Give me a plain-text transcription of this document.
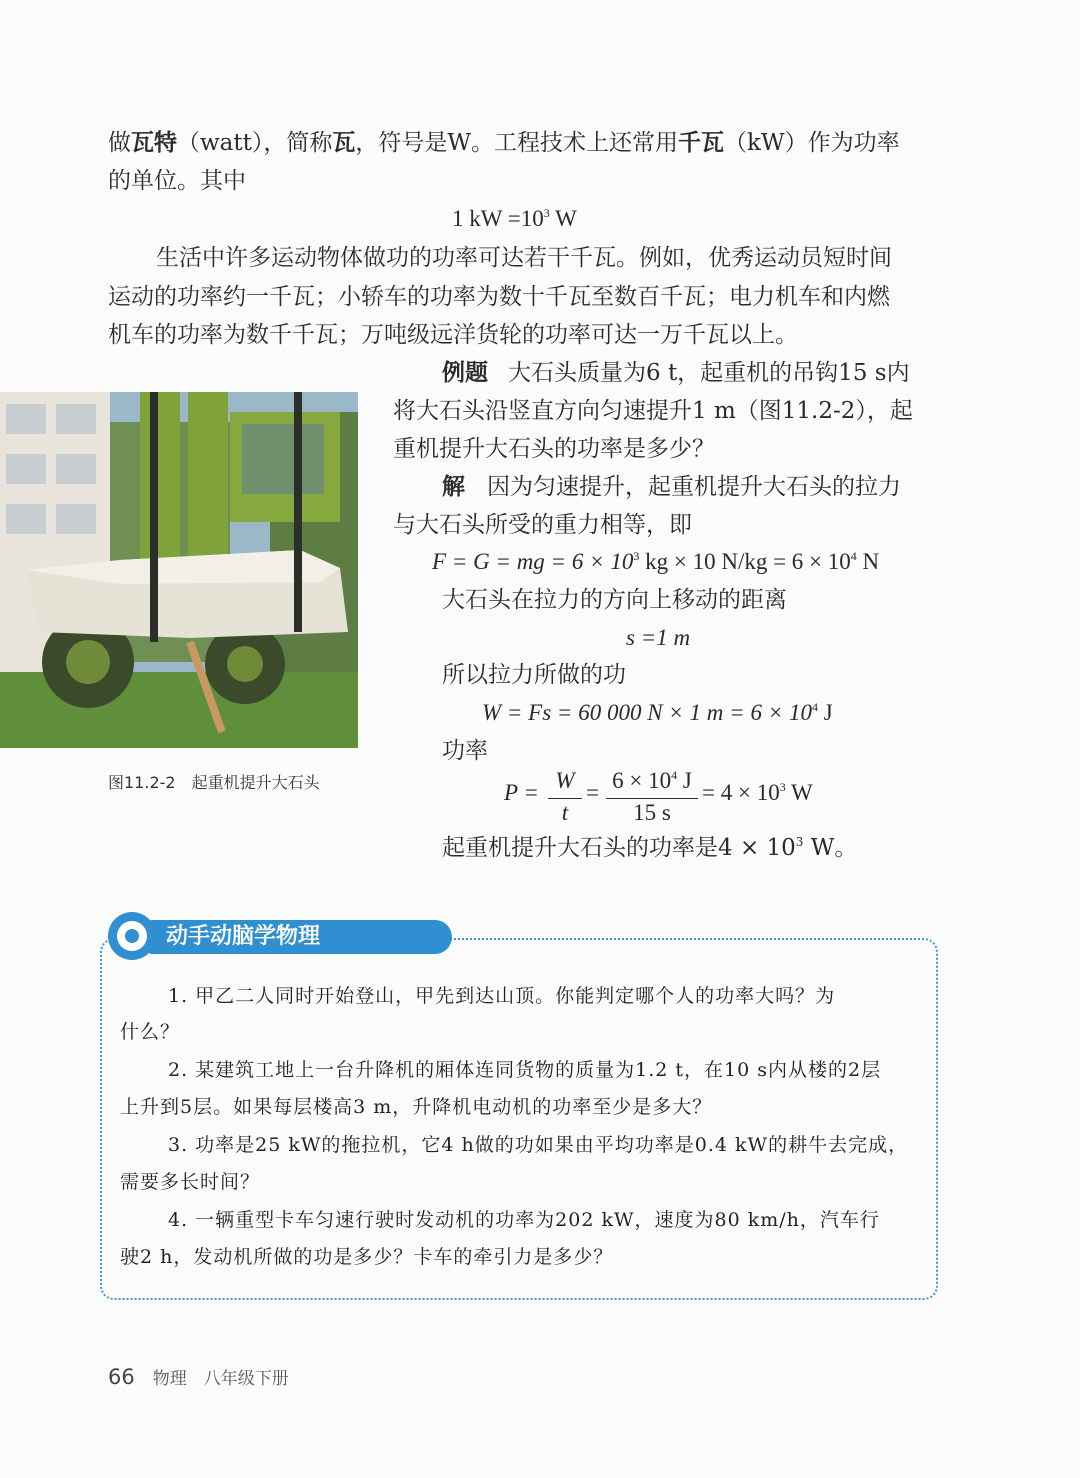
做瓦特（watt），简称瓦，符号是W。工程技术上还常用千瓦（kW）作为功率
的单位。其中
1 kW $=10^3$ W
生活中许多运动物体做功的功率可达若干千瓦。例如，优秀运动员短时间
运动的功率约一千瓦；小轿车的功率为数十千瓦至数百千瓦；电力机车和内燃
机车的功率为数千千瓦；万吨级远洋货轮的功率可达一万千瓦以上。
例题 大石头质量为6 t，起重机的吊钩15 s内
将大石头沿竖直方向匀速提升1 m（图11.2-2），起
重机提升大石头的功率是多少？
解 因为匀速提升，起重机提升大石头的拉力
与大石头所受的重力相等，即
F = G = mg = $6 \times 10^3$ kg × 10 $N/kg = 6 \times 10^4$ N
大石头在拉力的方向上移动的距离
s =1 m
所以拉力所做的功
W = Fs = 60 000 N × 1 $m = 6 \times 10^4$ J
功率
P = W
t
= $6 \times 10^4$ J
15 s
= $4 \times 10^3$ W
起重机提升大石头的功率是$4 \times 10^3$ W。
图11.2-2　起重机提升大石头
动手动脑学物理
1. 甲乙二人同时开始登山，甲先到达山顶。你能判定哪个人的功率大吗？为
什么？
2. 某建筑工地上一台升降机的厢体连同货物的质量为1.2 t，在10 s内从楼的2层
上升到5层。如果每层楼高3 m，升降机电动机的功率至少是多大？
3. 功率是25 kW的拖拉机，它4 h做的功如果由平均功率是0.4 kW的耕牛去完成，
需要多长时间？
4. 一辆重型卡车匀速行驶时发动机的功率为202 kW，速度为80 km/h，汽车行
驶2 h，发动机所做的功是多少？卡车的牵引力是多少？
66 物理　八年级下册
